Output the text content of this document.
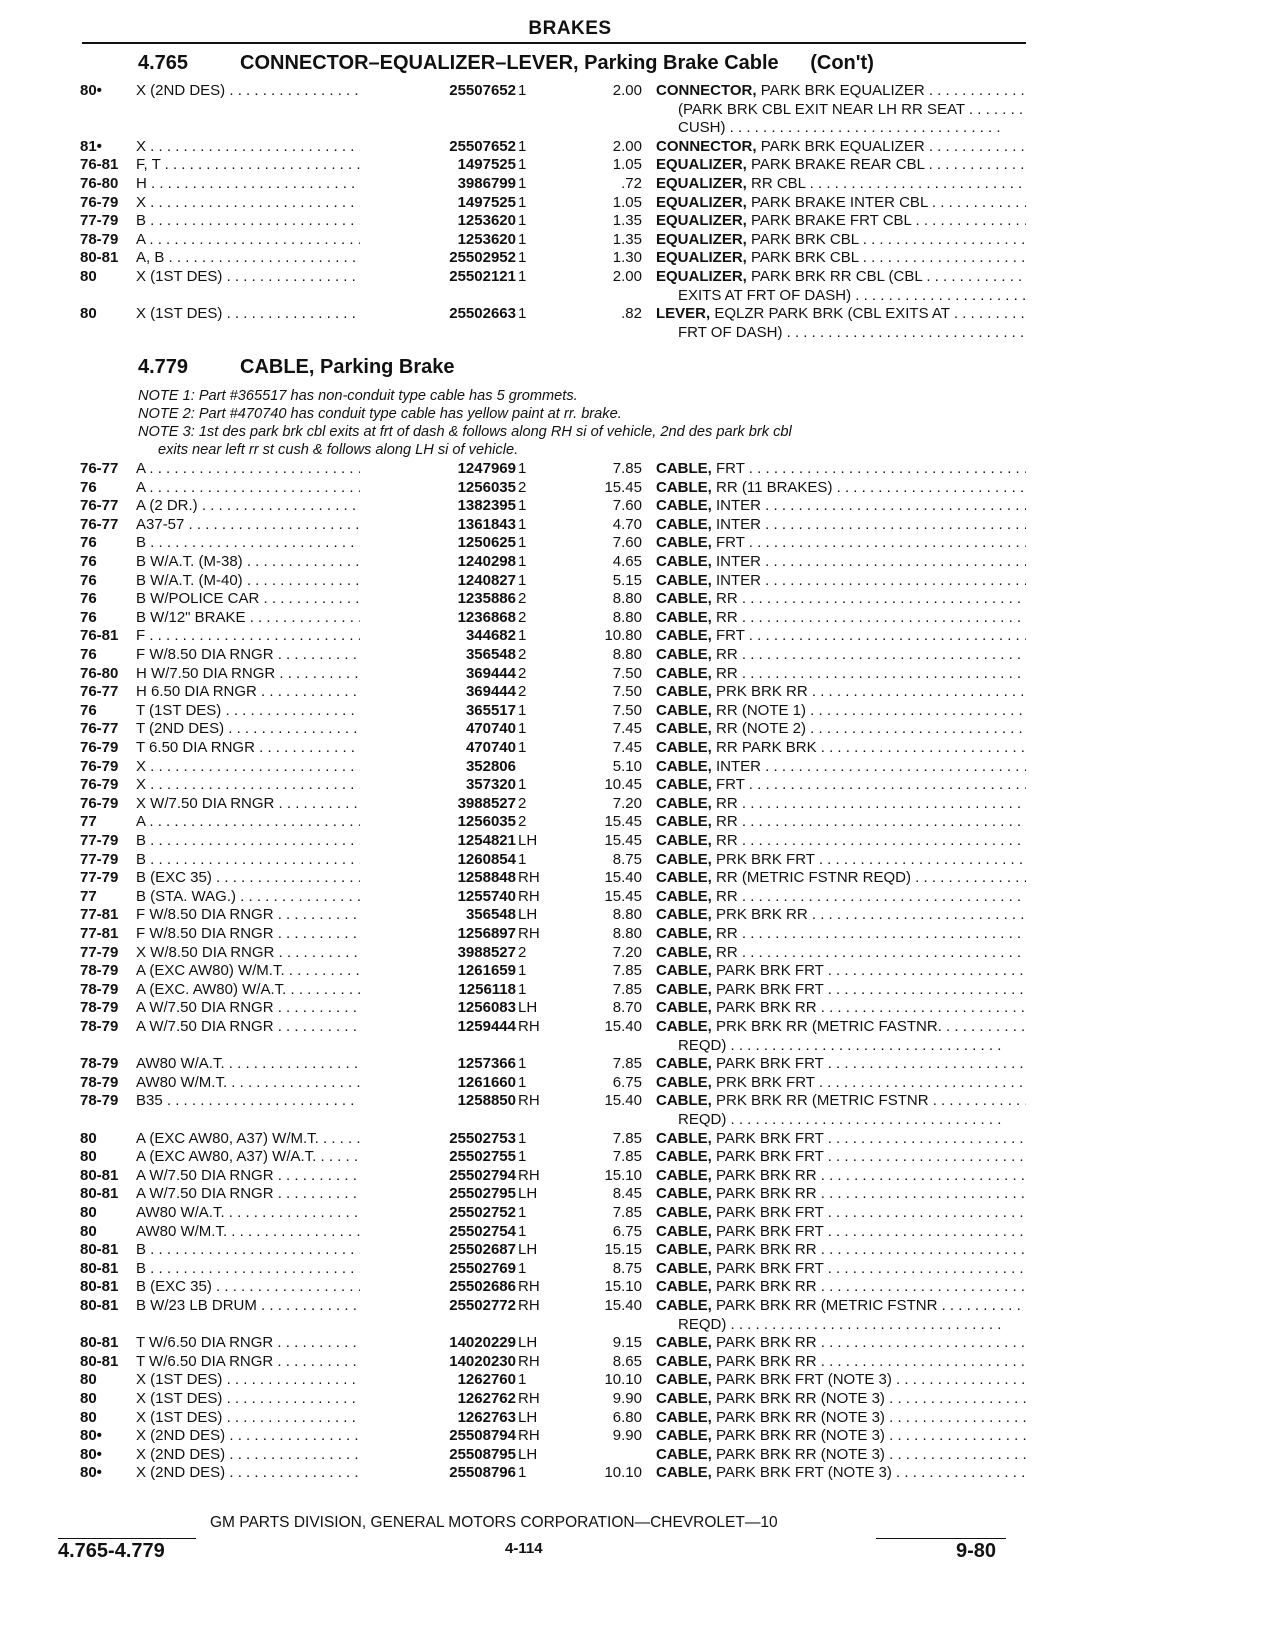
BRAKES
4.765	CONNECTOR–EQUALIZER–LEVER, Parking Brake Cable (Con't)
80•	X (2ND DES) . . .	25507652 1	2.00 CONNECTOR, PARK BRK EQUALIZER . . .
(PARK BRK CBL EXIT NEAR LH RR SEAT . . .
CUSH) . . .
81•	X . . .	25507652 1	2.00 CONNECTOR, PARK BRK EQUALIZER . . .
76-81	F, T . . .	1497525 1	1.05 EQUALIZER, PARK BRAKE REAR CBL . . .
76-80	H . . .	3986799 1	.72 EQUALIZER, RR CBL . . .
76-79	X . . .	1497525 1	1.05 EQUALIZER, PARK BRAKE INTER CBL . . .
77-79	B . . .	1253620 1	1.35 EQUALIZER, PARK BRAKE FRT CBL . . .
78-79	A . . .	1253620 1	1.35 EQUALIZER, PARK BRK CBL . . .
80-81	A, B . . .	25502952 1	1.30 EQUALIZER, PARK BRK CBL . . .
80	X (1ST DES) . . .	25502121 1	2.00 EQUALIZER, PARK BRK RR CBL (CBL . . .
EXITS AT FRT OF DASH) . . .
80	X (1ST DES) . . .	25502663 1	.82 LEVER, EQLZR PARK BRK (CBL EXITS AT . . .
FRT OF DASH) . . .
4.779	CABLE, Parking Brake
NOTE 1: Part #365517 has non-conduit type cable has 5 grommets.
NOTE 2: Part #470740 has conduit type cable has yellow paint at rr. brake.
NOTE 3: 1st des park brk cbl exits at frt of dash & follows along RH si of vehicle, 2nd des park brk cbl
exits near left rr st cush & follows along LH si of vehicle.
76-77	A . . .	1247969 1	7.85 CABLE, FRT . . .
76	A . . .	1256035 2	15.45 CABLE, RR (11 BRAKES) . . .
76-77	A (2 DR.) . . .	1382395 1	7.60 CABLE, INTER . . .
76-77	A37-57 . . .	1361843 1	4.70 CABLE, INTER . . .
76	B . . .	1250625 1	7.60 CABLE, FRT . . .
76	B W/A.T. (M-38) . . .	1240298 1	4.65 CABLE, INTER . . .
76	B W/A.T. (M-40) . . .	1240827 1	5.15 CABLE, INTER . . .
76	B W/POLICE CAR . . .	1235886 2	8.80 CABLE, RR . . .
76	B W/12" BRAKE . . .	1236868 2	8.80 CABLE, RR . . .
76-81	F . . .	344682 1	10.80 CABLE, FRT . . .
76	F W/8.50 DIA RNGR . . .	356548 2	8.80 CABLE, RR . . .
76-80	H W/7.50 DIA RNGR . . .	369444 2	7.50 CABLE, RR . . .
76-77	H 6.50 DIA RNGR . . .	369444 2	7.50 CABLE, PRK BRK RR . . .
76	T (1ST DES) . . .	365517 1	7.50 CABLE, RR (NOTE 1) . . .
76-77	T (2ND DES) . . .	470740 1	7.45 CABLE, RR (NOTE 2) . . .
76-79	T 6.50 DIA RNGR . . .	470740 1	7.45 CABLE, RR PARK BRK . . .
76-79	X . . .	352806	5.10 CABLE, INTER . . .
76-79	X . . .	357320 1	10.45 CABLE, FRT . . .
76-79	X W/7.50 DIA RNGR . . .	3988527 2	7.20 CABLE, RR . . .
77	A . . .	1256035 2	15.45 CABLE, RR . . .
77-79	B . . .	1254821 LH	15.45 CABLE, RR . . .
77-79	B . . .	1260854 1	8.75 CABLE, PRK BRK FRT . . .
77-79	B (EXC 35) . . .	1258848 RH	15.40 CABLE, RR (METRIC FSTNR REQD) . . .
77	B (STA. WAG.) . . .	1255740 RH	15.45 CABLE, RR . . .
77-81	F W/8.50 DIA RNGR . . .	356548 LH	8.80 CABLE, PRK BRK RR . . .
77-81	F W/8.50 DIA RNGR . . .	1256897 RH	8.80 CABLE, RR . . .
77-79	X W/8.50 DIA RNGR . . .	3988527 2	7.20 CABLE, RR . . .
78-79	A (EXC AW80) W/M.T. . . .	1261659 1	7.85 CABLE, PARK BRK FRT . . .
78-79	A (EXC. AW80) W/A.T. . . .	1256118 1	7.85 CABLE, PARK BRK FRT . . .
78-79	A W/7.50 DIA RNGR . . .	1256083 LH	8.70 CABLE, PARK BRK RR . . .
78-79	A W/7.50 DIA RNGR . . .	1259444 RH	15.40 CABLE, PRK BRK RR (METRIC FASTNR. . . .
REQD) . . .
78-79	AW80 W/A.T. . . .	1257366 1	7.85 CABLE, PARK BRK FRT . . .
78-79	AW80 W/M.T. . . .	1261660 1	6.75 CABLE, PRK BRK FRT . . .
78-79	B35 . . .	1258850 RH	15.40 CABLE, PRK BRK RR (METRIC FSTNR . . .
REQD) . . .
80	A (EXC AW80, A37) W/M.T. . . .	25502753 1	7.85 CABLE, PARK BRK FRT . . .
80	A (EXC AW80, A37) W/A.T. . . .	25502755 1	7.85 CABLE, PARK BRK FRT . . .
80-81	A W/7.50 DIA RNGR . . .	25502794 RH	15.10 CABLE, PARK BRK RR . . .
80-81	A W/7.50 DIA RNGR . . .	25502795 LH	8.45 CABLE, PARK BRK RR . . .
80	AW80 W/A.T. . . .	25502752 1	7.85 CABLE, PARK BRK FRT . . .
80	AW80 W/M.T. . . .	25502754 1	6.75 CABLE, PARK BRK FRT . . .
80-81	B . . .	25502687 LH	15.15 CABLE, PARK BRK RR . . .
80-81	B . . .	25502769 1	8.75 CABLE, PARK BRK FRT . . .
80-81	B (EXC 35) . . .	25502686 RH	15.10 CABLE, PARK BRK RR . . .
80-81	B W/23 LB DRUM . . .	25502772 RH	15.40 CABLE, PARK BRK RR (METRIC FSTNR . . .
REQD) . . .
80-81	T W/6.50 DIA RNGR . . .	14020229 LH	9.15 CABLE, PARK BRK RR . . .
80-81	T W/6.50 DIA RNGR . . .	14020230 RH	8.65 CABLE, PARK BRK RR . . .
80	X (1ST DES) . . .	1262760 1	10.10 CABLE, PARK BRK FRT (NOTE 3) . . .
80	X (1ST DES) . . .	1262762 RH	9.90 CABLE, PARK BRK RR (NOTE 3) . . .
80	X (1ST DES) . . .	1262763 LH	6.80 CABLE, PARK BRK RR (NOTE 3) . . .
80•	X (2ND DES) . . .	25508794 RH	9.90 CABLE, PARK BRK RR (NOTE 3) . . .
80•	X (2ND DES) . . .	25508795 LH	CABLE, PARK BRK RR (NOTE 3) . . .
80•	X (2ND DES) . . .	25508796 1	10.10 CABLE, PARK BRK FRT (NOTE 3) . . .
4.765-4.779
GM PARTS DIVISION, GENERAL MOTORS CORPORATION—CHEVROLET—10
4-114	9-80
